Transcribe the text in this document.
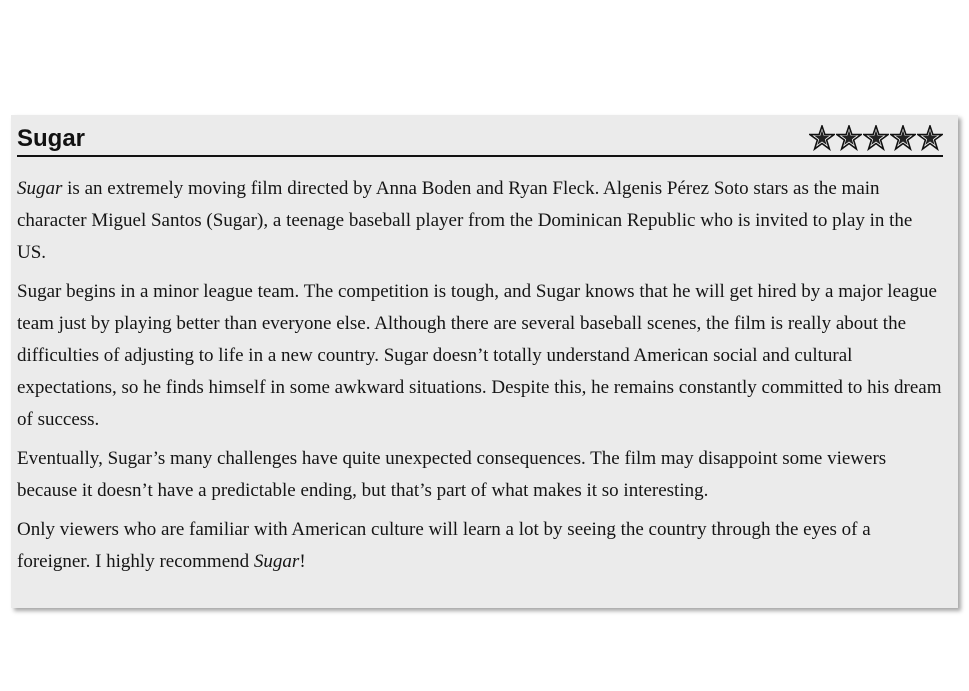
Sugar

Sugar is an extremely moving film directed by Anna Boden and Ryan Fleck. Algenis Pérez Soto stars as the main character Miguel Santos (Sugar), a teenage baseball player from the Dominican Republic who is invited to play in the US.

Sugar begins in a minor league team. The competition is tough, and Sugar knows that he will get hired by a major league team just by playing better than everyone else. Although there are several baseball scenes, the film is really about the difficulties of adjusting to life in a new country. Sugar doesn’t totally understand American social and cultural expectations, so he finds himself in some awkward situations. Despite this, he remains constantly committed to his dream of success.

Eventually, Sugar’s many challenges have quite unexpected consequences. The film may disappoint some viewers because it doesn’t have a predictable ending, but that’s part of what makes it so interesting.

Only viewers who are familiar with American culture will learn a lot by seeing the country through the eyes of a foreigner. I highly recommend Sugar!
